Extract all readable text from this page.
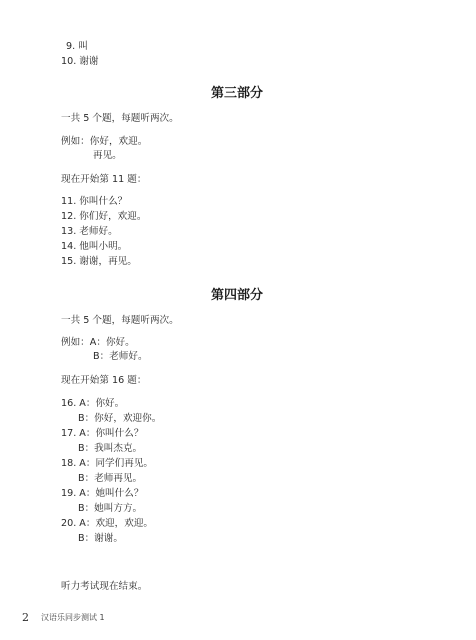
9. 叫
10. 谢谢
第三部分
一共 5 个题，每题听两次。
例如：你好，欢迎。
再见。
现在开始第 11 题：
11. 你叫什么？
12. 你们好，欢迎。
13. 老师好。
14. 他叫小明。
15. 谢谢，再见。
第四部分
一共 5 个题，每题听两次。
例如：A：你好。
B：老师好。
现在开始第 16 题：
16. A：你好。
B：你好，欢迎你。
17. A：你叫什么？
B：我叫杰克。
18. A：同学们再见。
B：老师再见。
19. A：她叫什么？
B：她叫方方。
20. A：欢迎，欢迎。
B：谢谢。
听力考试现在结束。
2 汉语乐同步测试 1
